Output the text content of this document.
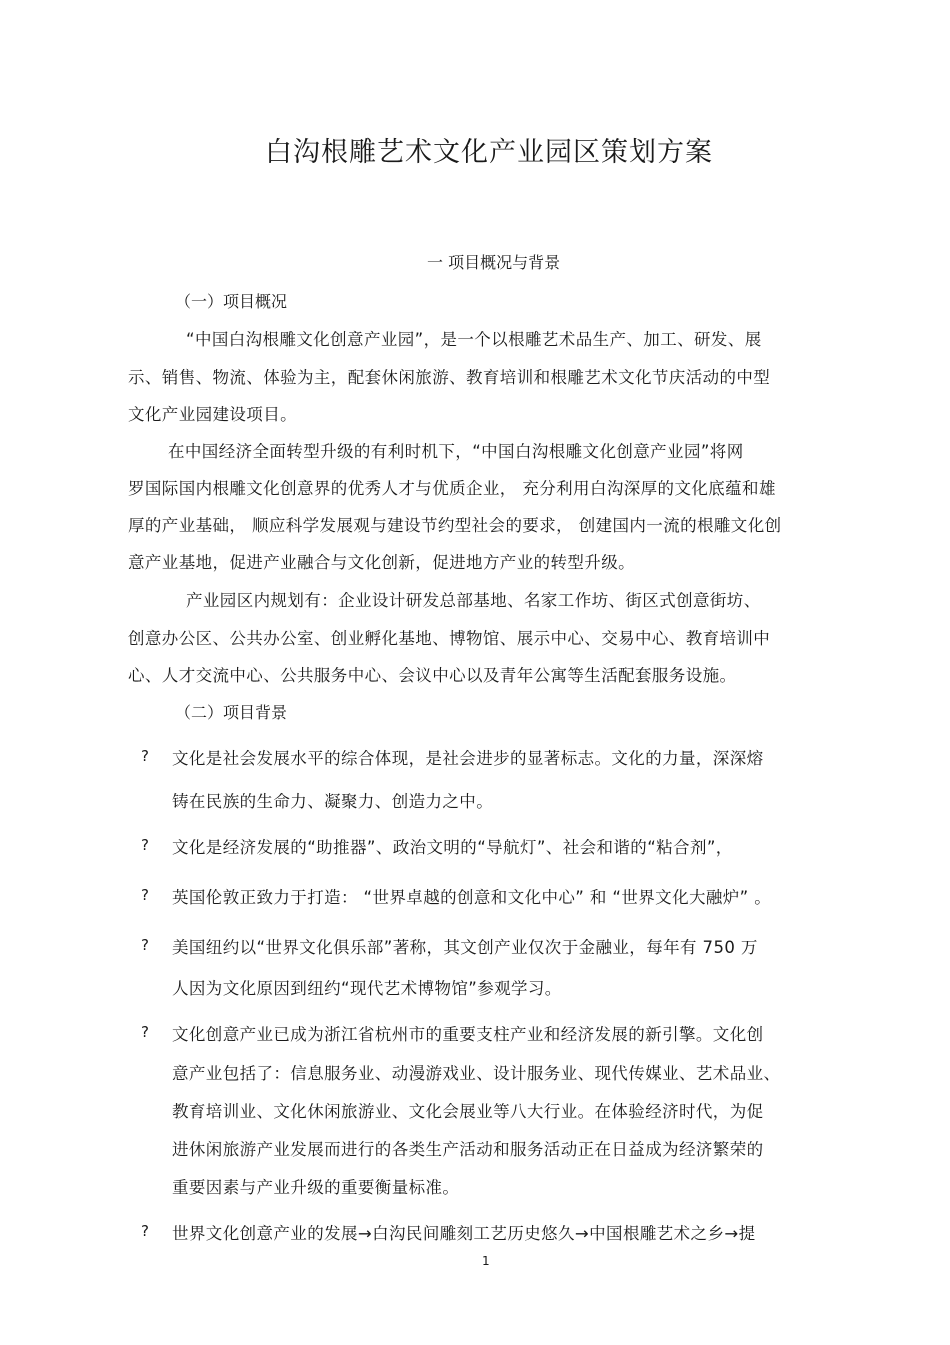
白沟根雕艺术文化产业园区策划方案
一 项目概况与背景
（一）项目概况
“中国白沟根雕文化创意产业园”，是一个以根雕艺术品生产、加工、研发、展
示、销售、物流、体验为主，配套休闲旅游、教育培训和根雕艺术文化节庆活动的中型
文化产业园建设项目。
在中国经济全面转型升级的有利时机下，“中国白沟根雕文化创意产业园”将网
罗国际国内根雕文化创意界的优秀人才与优质企业， 充分利用白沟深厚的文化底蕴和雄
厚的产业基础， 顺应科学发展观与建设节约型社会的要求， 创建国内一流的根雕文化创
意产业基地，促进产业融合与文化创新，促进地方产业的转型升级。
产业园区内规划有：企业设计研发总部基地、名家工作坊、街区式创意街坊、
创意办公区、公共办公室、创业孵化基地、博物馆、展示中心、交易中心、教育培训中
心、人才交流中心、公共服务中心、会议中心以及青年公寓等生活配套服务设施。
（二）项目背景
? 文化是社会发展水平的综合体现，是社会进步的显著标志。文化的力量，深深熔
铸在民族的生命力、凝聚力、创造力之中。
? 文化是经济发展的“助推器”、政治文明的“导航灯”、社会和谐的“粘合剂”，
? 英国伦敦正致力于打造： “世界卓越的创意和文化中心” 和 “世界文化大融炉” 。
? 美国纽约以“世界文化俱乐部”著称，其文创产业仅次于金融业，每年有 750 万
人因为文化原因到纽约“现代艺术博物馆”参观学习。
? 文化创意产业已成为浙江省杭州市的重要支柱产业和经济发展的新引擎。文化创
意产业包括了：信息服务业、动漫游戏业、设计服务业、现代传媒业、艺术品业、
教育培训业、文化休闲旅游业、文化会展业等八大行业。在体验经济时代，为促
进休闲旅游产业发展而进行的各类生产活动和服务活动正在日益成为经济繁荣的
重要因素与产业升级的重要衡量标准。
? 世界文化创意产业的发展→白沟民间雕刻工艺历史悠久→中国根雕艺术之乡→提
1
